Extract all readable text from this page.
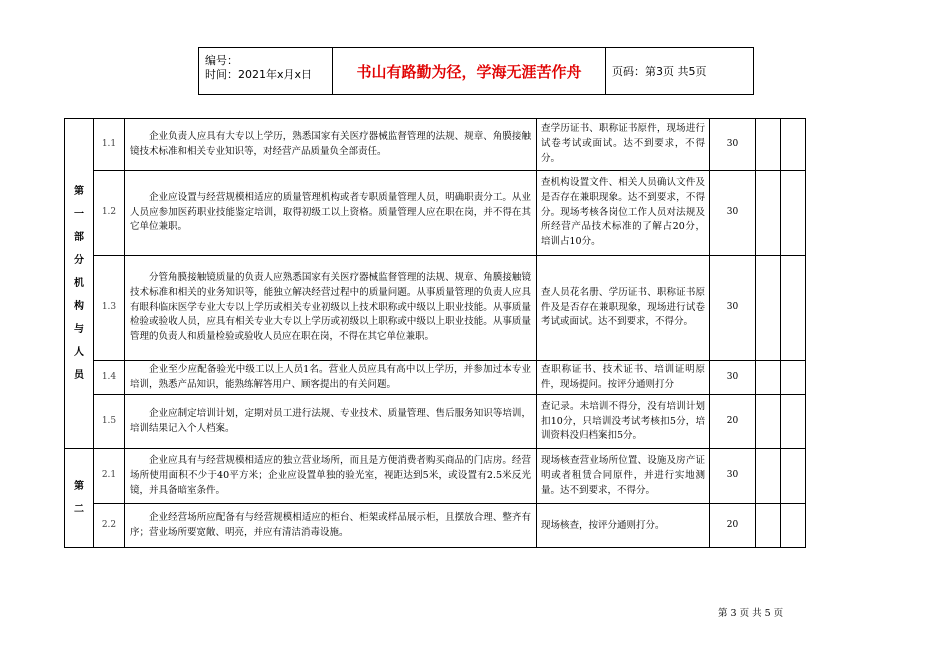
编号：
时间：2021年x月x日	书山有路勤为径，学海无涯苦作舟	页码：第3页 共5页
第一部分机构与人员	1.1	企业负责人应具有大专以上学历，熟悉国家有关医疗器械监督管理的法规、规章、角膜接触镜技术标准和相关专业知识等，对经营产品质量负全部责任。	查学历证书、职称证书原件，现场进行试卷考试或面试。达不到要求，不得分。	30		
	1.2	企业应设置与经营规模相适应的质量管理机构或者专职质量管理人员，明确职责分工。从业人员应参加医药职业技能鉴定培训，取得初级工以上资格。质量管理人应在职在岗，并不得在其它单位兼职。	查机构设置文件、相关人员确认文件及是否存在兼职现象。达不到要求，不得分。现场考核各岗位工作人员对法规及所经营产品技术标准的了解占20分，培训占10分。	30		
	1.3	分管角膜接触镜质量的负责人应熟悉国家有关医疗器械监督管理的法规、规章、角膜接触镜技术标准和相关的业务知识等，能独立解决经营过程中的质量问题。从事质量管理的负责人应具有眼科临床医学专业大专以上学历或相关专业初级以上技术职称或中级以上职业技能。从事质量检验或验收人员，应具有相关专业大专以上学历或初级以上职称或中级以上职业技能。从事质量管理的负责人和质量检验或验收人员应在职在岗，不得在其它单位兼职。	查人员花名册、学历证书、职称证书原件及是否存在兼职现象，现场进行试卷考试或面试。达不到要求，不得分。	30		
	1.4	企业至少应配备验光中级工以上人员1名。营业人员应具有高中以上学历，并参加过本专业培训，熟悉产品知识，能熟练解答用户、顾客提出的有关问题。	查职称证书、技术证书、培训证明原件，现场提问。按评分通则打分	30		
	1.5	企业应制定培训计划，定期对员工进行法规、专业技术、质量管理、售后服务知识等培训，培训结果记入个人档案。	查记录。未培训不得分，没有培训计划扣10分，只培训没考试考核扣5分，培训资料没归档案扣5分。	20		
第二	2.1	企业应具有与经营规模相适应的独立营业场所，而且是方便消费者购买商品的门店房。经营场所使用面积不少于40平方米；企业应设置单独的验光室，视距达到5米，或设置有2.5米反光镜，并具备暗室条件。	现场核查营业场所位置、设施及房产证明或者租赁合同原件，并进行实地测量。达不到要求，不得分。	30		
	2.2	企业经营场所应配备有与经营规模相适应的柜台、柜架或样品展示柜，且摆放合理、整齐有序；营业场所要宽敞、明亮，并应有清洁消毒设施。	现场核查，按评分通则打分。	20		
第 3 页 共 5 页
